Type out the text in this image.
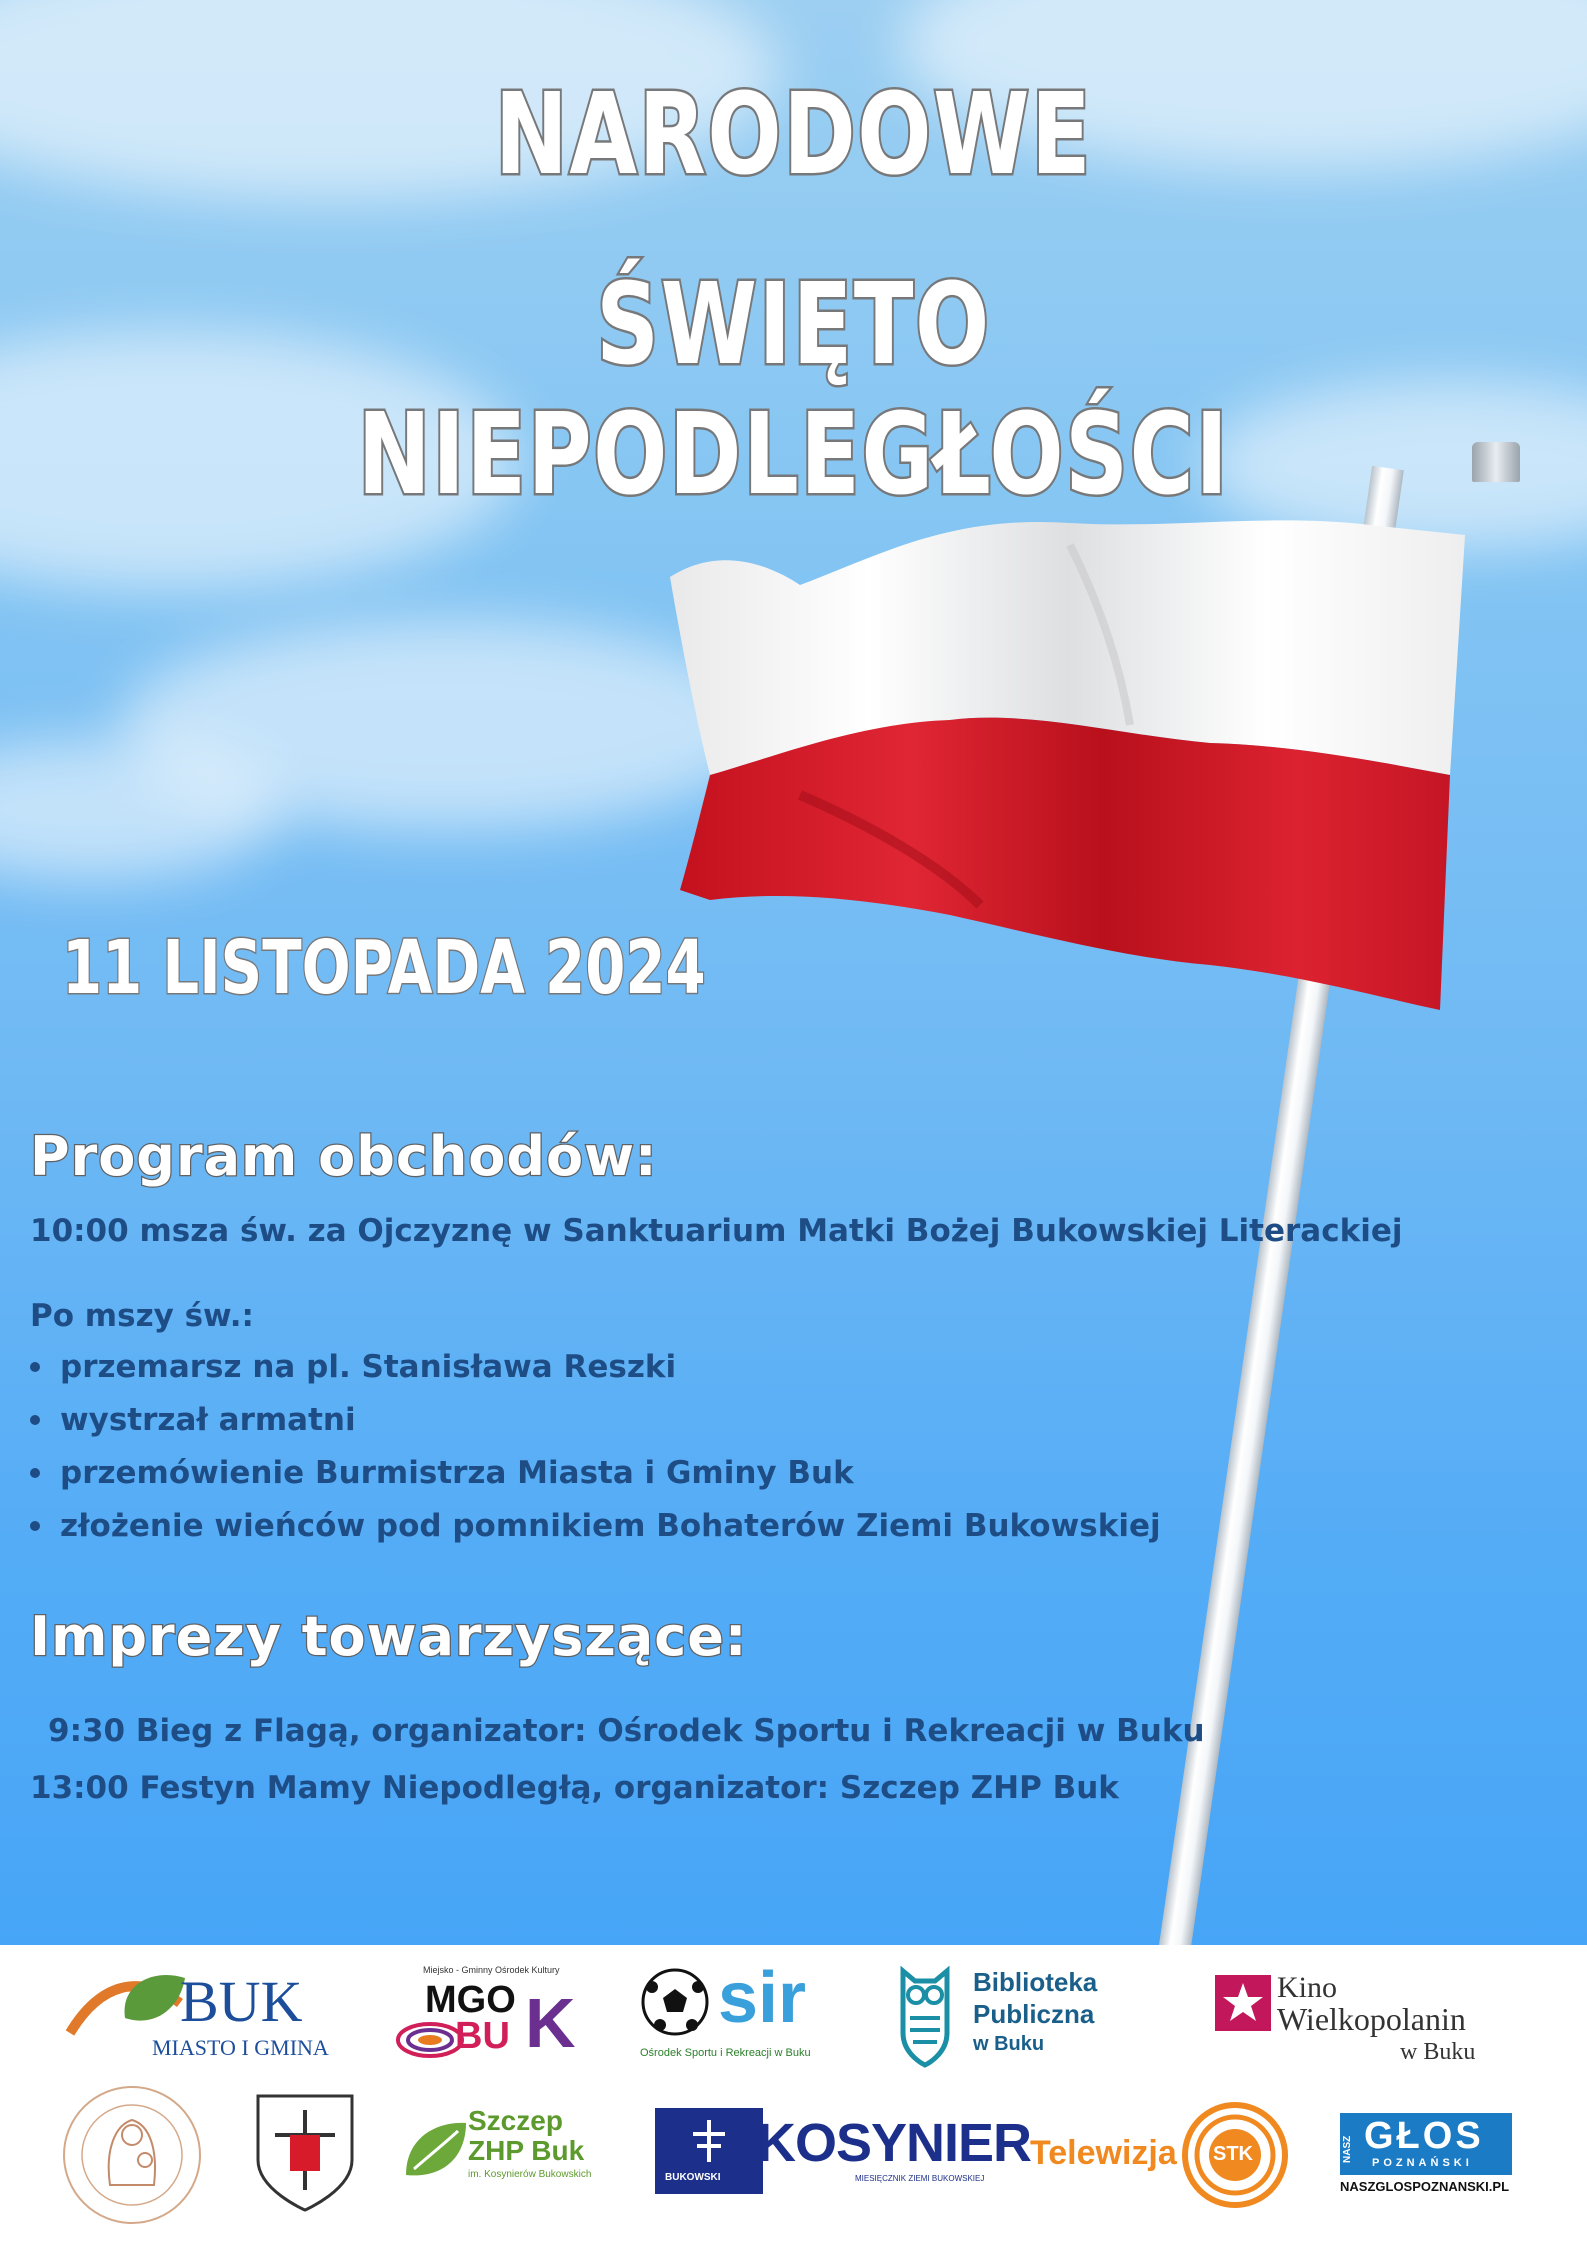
NARODOWE
ŚWIĘTO NIEPODLEGŁOŚCI
11 LISTOPADA 2024
Program obchodów:
10:00 msza św. za Ojczyznę w Sanktuarium Matki Bożej Bukowskiej Literackiej
Po mszy św.:
przemarsz na pl. Stanisława Reszki
wystrzał armatni
przemówienie Burmistrza Miasta i Gminy Buk
złożenie wieńców pod pomnikiem Bohaterów Ziemi Bukowskiej
Imprezy towarzyszące:
9:30 Bieg z Flagą, organizator: Ośrodek Sportu i Rekreacji w Buku
13:00 Festyn Mamy Niepodległą, organizator: Szczep ZHP Buk
BUK
MIASTO I GMINA
Miejsko - Gminny Ośrodek Kultury
MGO
BU K sir
Ośrodek Sportu i Rekreacji w Buku
Biblioteka
Publiczna
w Buku
Kino
Wielkopolanin
w Buku
Szczep
ZHP Buk
im. Kosynierów Bukowskich	BUKOWSKI
KOSYNIER
MIESIĘCZNIK ZIEMI BUKOWSKIEJ
Telewizja STK	NASZ GŁOS
POZNAŃSKI
NASZGLOSPOZNANSKI.PL
